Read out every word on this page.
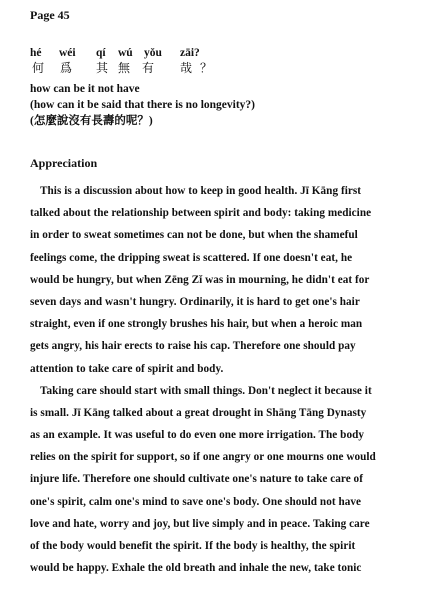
Page 45
hé wéi qí wú yǒu zāi?
何 爲 其 無 有 哉 ？
how can be it not have
(how can it be said that there is no longevity?)
(怎麼說沒有長壽的呢？)
Appreciation
This is a discussion about how to keep in good health. Jī Kāng first
talked about the relationship between spirit and body: taking medicine
in order to sweat sometimes can not be done, but when the shameful
feelings come, the dripping sweat is scattered. If one doesn't eat, he
would be hungry, but when Zēng Zǐ was in mourning, he didn't eat for
seven days and wasn't hungry. Ordinarily, it is hard to get one's hair
straight, even if one strongly brushes his hair, but when a heroic man
gets angry, his hair erects to raise his cap. Therefore one should pay
attention to take care of spirit and body.
Taking care should start with small things. Don't neglect it because it
is small. Jī Kāng talked about a great drought in Shāng Tāng Dynasty
as an example. It was useful to do even one more irrigation. The body
relies on the spirit for support, so if one angry or one mourns one would
injure life. Therefore one should cultivate one's nature to take care of
one's spirit, calm one's mind to save one's body. One should not have
love and hate, worry and joy, but live simply and in peace. Taking care
of the body would benefit the spirit. If the body is healthy, the spirit
would be happy. Exhale the old breath and inhale the new, take tonic
